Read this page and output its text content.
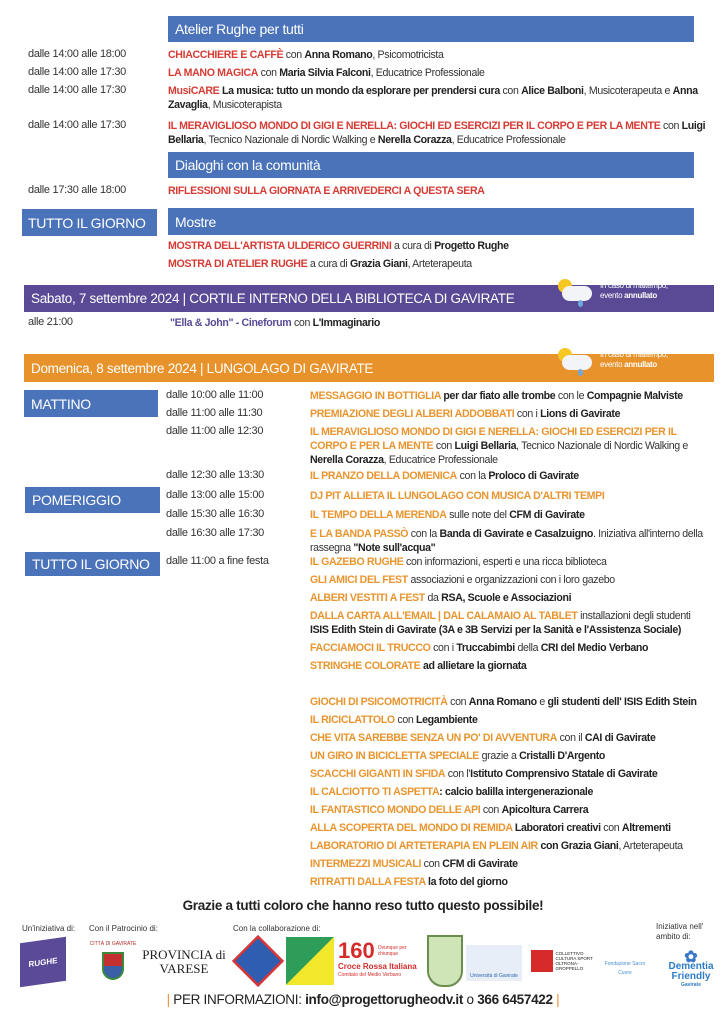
Atelier Rughe per tutti
Dialoghi con la comunità
TUTTO IL GIORNO Mostre
Sabato, 7 settembre 2024 | CORTILE INTERNO DELLA BIBLIOTECA DI GAVIRATE
In caso di maltempo,
evento annullato
Domenica, 8 settembre 2024 | LUNGOLAGO DI GAVIRATE
In caso di maltempo,
evento annullato
MATTINO
POMERIGGIO
TUTTO IL GIORNO
dalle 14:00 alle 18:00	CHIACCHIERE E CAFFÈ con Anna Romano, Psicomotricista
dalle 14:00 alle 17:30	LA MANO MAGICA con Maria Silvia Falconi, Educatrice Professionale
dalle 14:00 alle 17:30	MusiCARE La musica: tutto un mondo da esplorare per prendersi cura con Alice Balboni, Musicoterapeuta e Anna Zavaglia, Musicoterapista
dalle 14:00 alle 17:30	IL MERAVIGLIOSO MONDO DI GIGI E NERELLA: GIOCHI ED ESERCIZI PER IL CORPO E PER LA MENTE con Luigi Bellaria, Tecnico Nazionale di Nordic Walking e Nerella Corazza, Educatrice Professionale
dalle 17:30 alle 18:00	RIFLESSIONI SULLA GIORNATA E ARRIVEDERCI A QUESTA SERA
MOSTRA DELL'ARTISTA ULDERICO GUERRINI a cura di Progetto Rughe
MOSTRA DI ATELIER RUGHE a cura di Grazia Giani, Arteterapeuta
alle 21:00	"Ella & John" - Cineforum con L'Immaginario
dalle 10:00 alle 11:00	MESSAGGIO IN BOTTIGLIA per dar fiato alle trombe con le Compagnie Malviste
dalle 11:00 alle 11:30	PREMIAZIONE DEGLI ALBERI ADDOBBATI con i Lions di Gavirate
dalle 11:00 alle 12:30	IL MERAVIGLIOSO MONDO DI GIGI E NERELLA: GIOCHI ED ESERCIZI PER IL CORPO E PER LA MENTE con Luigi Bellaria, Tecnico Nazionale di Nordic Walking e Nerella Corazza, Educatrice Professionale
dalle 12:30 alle 13:30	IL PRANZO DELLA DOMENICA con la Proloco di Gavirate
dalle 13:00 alle 15:00	DJ PIT ALLIETA IL LUNGOLAGO CON MUSICA D'ALTRI TEMPI
dalle 15:30 alle 16:30	IL TEMPO DELLA MERENDA sulle note del CFM di Gavirate
dalle 16:30 alle 17:30	E LA BANDA PASSÒ con la Banda di Gavirate e Casalzuigno. Iniziativa all'interno della rassegna "Note sull'acqua"
dalle 11:00 a fine festa	IL GAZEBO RUGHE con informazioni, esperti e una ricca biblioteca
GLI AMICI DEL FEST associazioni e organizzazioni con i loro gazebo
ALBERI VESTITI A FEST da RSA, Scuole e Associazioni
DALLA CARTA ALL'EMAIL | DAL CALAMAIO AL TABLET installazioni degli studenti ISIS Edith Stein di Gavirate (3A e 3B Servizi per la Sanità e l'Assistenza Sociale)
FACCIAMOCI IL TRUCCO con i Truccabimbi della CRI del Medio Verbano
STRINGHE COLORATE ad allietare la giornata
GIOCHI DI PSICOMOTRICITÀ con Anna Romano e gli studenti dell' ISIS Edith Stein
IL RICICLATTOLO con Legambiente
CHE VITA SAREBBE SENZA UN PO' DI AVVENTURA con il CAI di Gavirate
UN GIRO IN BICICLETTA SPECIALE grazie a Cristalli D'Argento
SCACCHI GIGANTI IN SFIDA con l'Istituto Comprensivo Statale di Gavirate
IL CALCIOTTO TI ASPETTA: calcio balilla intergenerazionale
IL FANTASTICO MONDO DELLE API con Apicoltura Carrera
ALLA SCOPERTA DEL MONDO DI REMIDA Laboratori creativi con Altrementi
LABORATORIO DI ARTETERAPIA EN PLEIN AIR con Grazia Giani, Arteterapeuta
INTERMEZZI MUSICALI con CFM di Gavirate
RITRATTI DALLA FESTA la foto del giorno
Grazie a tutti coloro che hanno reso tutto questo possibile!
Un'iniziativa di: Con il Patrocinio di:	Con la collaborazione di:	Iniziativa nell' ambito di:
RUGHE
CITTÀ DI GAVIRATE
PROVINCIA di VARESE
160 Ovunque per chiunque
Croce Rossa Italiana
Comitato del Medio Verbano	Università di Gavirate
COLLETTIVO CULTURA SPORT OLTRONA-GROPPELLO
Fondazione Sacro Cuore
✿
Dementia
Friendly
Gavirate
| PER INFORMAZIONI: info@progettorugheodv.it o 366 6457422 |
